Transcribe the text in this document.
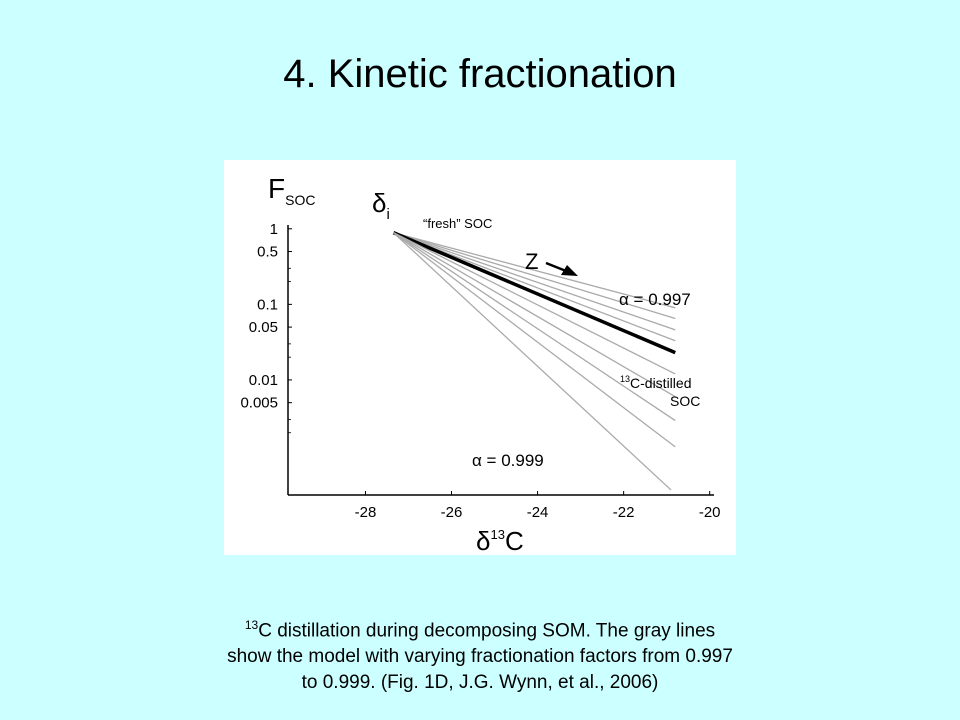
4. Kinetic fractionation
1
0.5
0.1
0.05
0.01
0.005
-28	-26	-24	-22	-20
$F_{SOC}$
$\delta^{13}C$
$\delta_i$
“fresh” SOC
Z
α = 0.997
$^{13}$C-distilled
SOC
α = 0.999
$^{13}$C distillation during decomposing SOM. The gray lines
show the model with varying fractionation factors from 0.997
to 0.999. (Fig. 1D, J.G. Wynn, et al., 2006)
